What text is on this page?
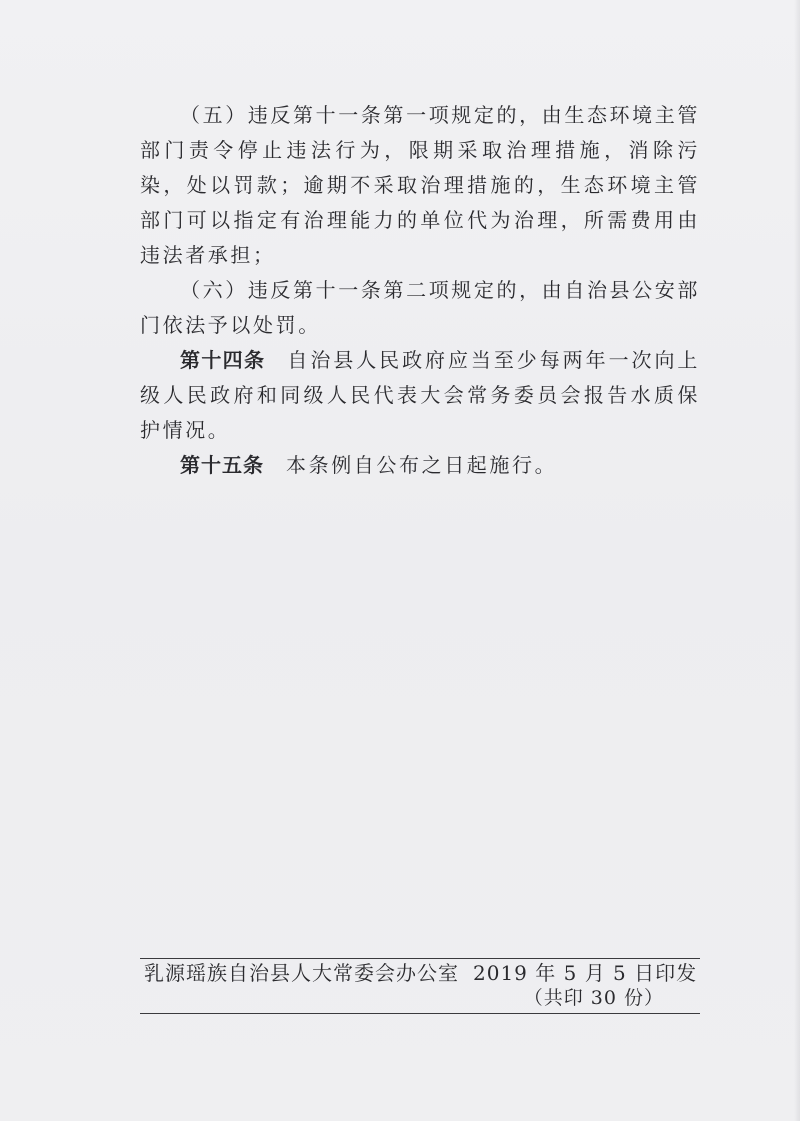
（五）违反第十一条第一项规定的，由生态环境主管部门责令停止违法行为，限期采取治理措施，消除污染，处以罚款；逾期不采取治理措施的，生态环境主管部门可以指定有治理能力的单位代为治理，所需费用由违法者承担；

（六）违反第十一条第二项规定的，由自治县公安部门依法予以处罚。

第十四条 自治县人民政府应当至少每两年一次向上级人民政府和同级人民代表大会常务委员会报告水质保护情况。

第十五条 本条例自公布之日起施行。

乳源瑶族自治县人大常委会办公室 2019 年 5 月 5 日印发
（共印 30 份）
